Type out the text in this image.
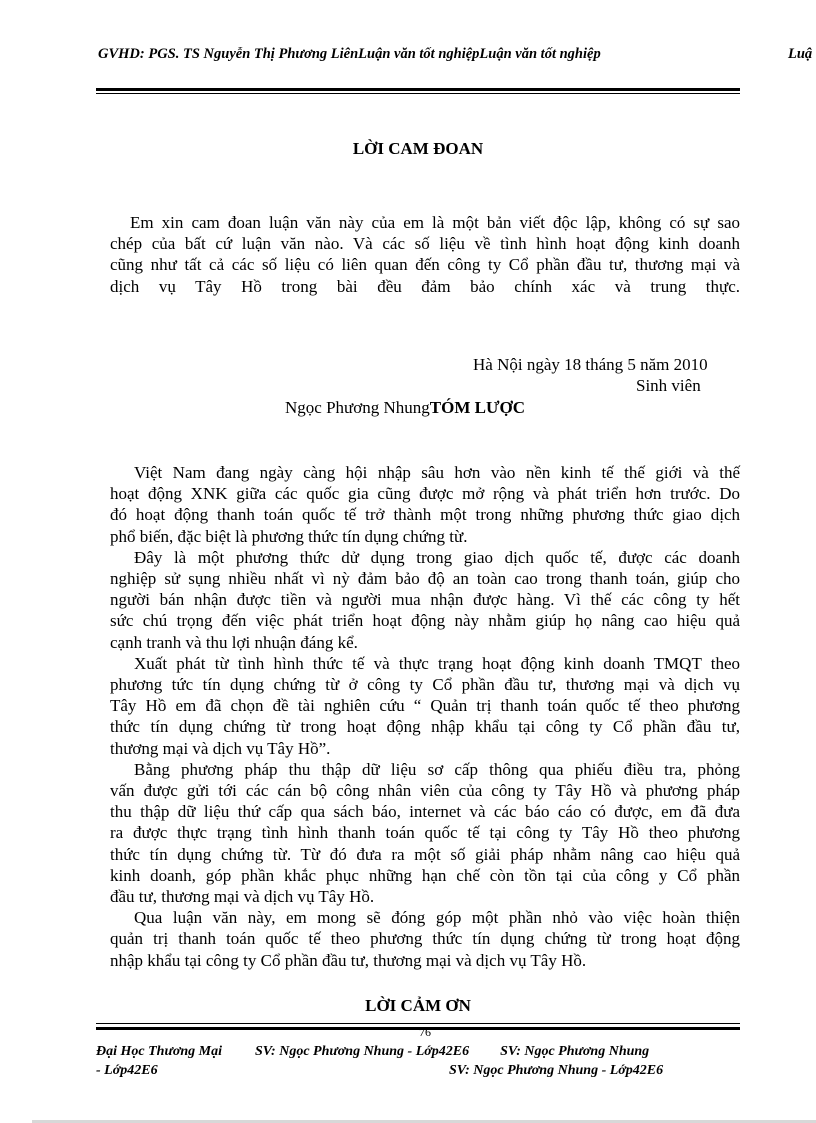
GVHD: PGS. TS Nguyễn Thị Phương LiênLuận văn tốt nghiệpLuận văn tốt nghiệp	Luậ
LỜI CAM ĐOAN
Em xin cam đoan luận văn này của em là một bản viết độc lập, không có sự sao
chép của bất cứ luận văn nào. Và các số liệu về tình hình hoạt động kinh doanh
cũng như tất cả các số liệu có liên quan đến công ty Cổ phần đầu tư, thương mại và
dịch vụ Tây Hồ trong bài đều đảm bảo chính xác và trung thực.
Hà Nội ngày 18 tháng 5 năm 2010
Sinh viên
Ngọc Phương NhungTÓM LƯỢC
Việt Nam đang ngày càng hội nhập sâu hơn vào nền kinh tế thế giới và thế
hoạt động XNK giữa các quốc gia cũng được mở rộng và phát triển hơn trước. Do
đó hoạt động thanh toán quốc tế trở thành một trong những phương thức giao dịch
phổ biến, đặc biệt là phương thức tín dụng chứng từ.
Đây là một phương thức dử dụng trong giao dịch quốc tế, được các doanh
nghiệp sử sụng nhiều nhất vì nỳ đảm bảo độ an toàn cao trong thanh toán, giúp cho
người bán nhận được tiền và người mua nhận được hàng. Vì thế các công ty hết
sức chú trọng đến việc phát triển hoạt động này nhằm giúp họ nâng cao hiệu quả
cạnh tranh và thu lợi nhuận đáng kể.
Xuất phát từ tình hình thức tế và thực trạng hoạt động kinh doanh TMQT theo
phương tức tín dụng chứng từ ở công ty Cổ phần đầu tư, thương mại và dịch vụ
Tây Hồ em đã chọn đề tài nghiên cứu “ Quản trị thanh toán quốc tế theo phương
thức tín dụng chứng từ trong hoạt động nhập khẩu tại công ty Cổ phần đầu tư,
thương mại và dịch vụ Tây Hồ”.
Bằng phương pháp thu thập dữ liệu sơ cấp thông qua phiếu điều tra, phỏng
vấn được gửi tới các cán bộ công nhân viên của công ty Tây Hồ và phương pháp
thu thập dữ liệu thứ cấp qua sách báo, internet và các báo cáo có được, em đã đưa
ra được thực trạng tình hình thanh toán quốc tế tại công ty Tây Hồ theo phương
thức tín dụng chứng từ. Từ đó đưa ra một số giải pháp nhằm nâng cao hiệu quả
kinh doanh, góp phần khắc phục những hạn chế còn tồn tại của công y Cổ phần
đầu tư, thương mại và dịch vụ Tây Hồ.
Qua luận văn này, em mong sẽ đóng góp một phần nhỏ vào việc hoàn thiện
quản trị thanh toán quốc tế theo phương thức tín dụng chứng từ trong hoạt động
nhập khẩu tại công ty Cổ phần đầu tư, thương mại và dịch vụ Tây Hồ.
LỜI CẢM ƠN
76
Đại Học Thương Mại SV: Ngọc Phương Nhung - Lớp42E6 SV: Ngọc Phương Nhung
- Lớp42E6	SV: Ngọc Phương Nhung - Lớp42E6
